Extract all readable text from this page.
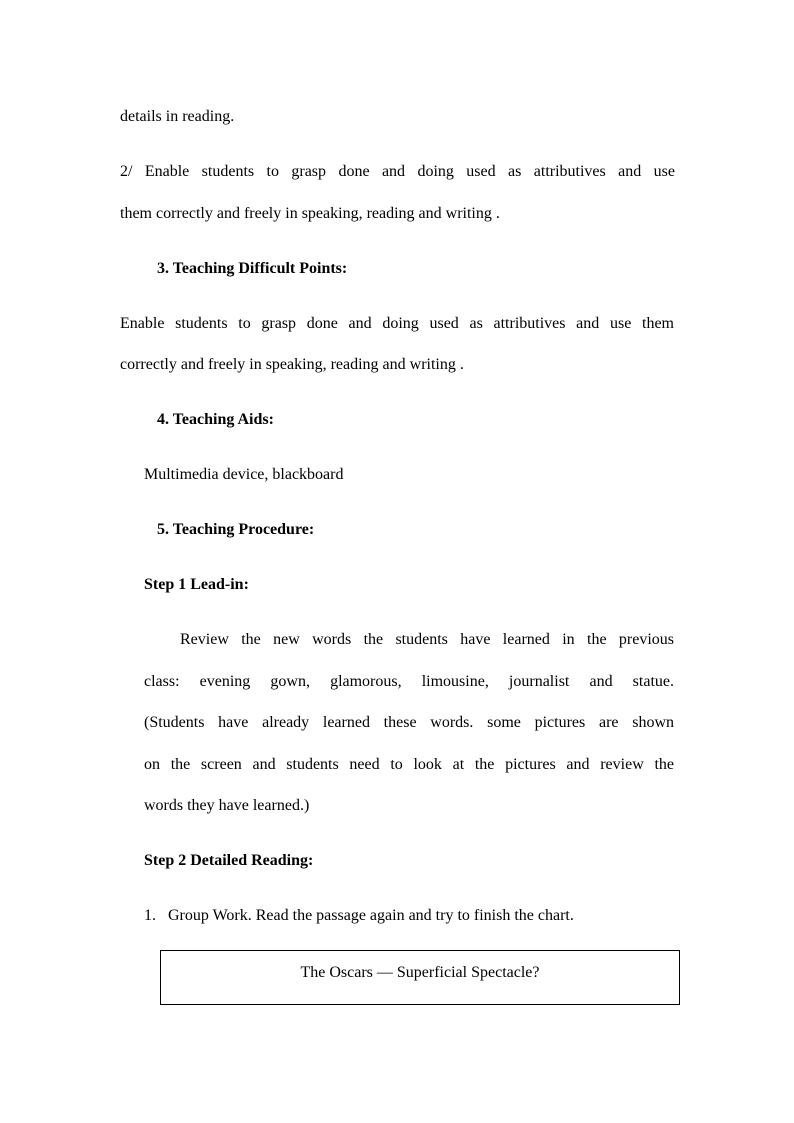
details in reading.
2/ Enable students to grasp done and doing used as attributives and use
them correctly and freely in speaking, reading and writing .
3. Teaching Difficult Points:
Enable students to grasp done and doing used as attributives and use them
correctly and freely in speaking, reading and writing .
4. Teaching Aids:
Multimedia device, blackboard
5. Teaching Procedure:
Step 1 Lead-in:
Review the new words the students have learned in the previous
class: evening gown, glamorous, limousine, journalist and statue.
(Students have already learned these words. some pictures are shown
on the screen and students need to look at the pictures and review the
words they have learned.)
Step 2 Detailed Reading:
1. Group Work. Read the passage again and try to finish the chart.
The Oscars — Superficial Spectacle?
